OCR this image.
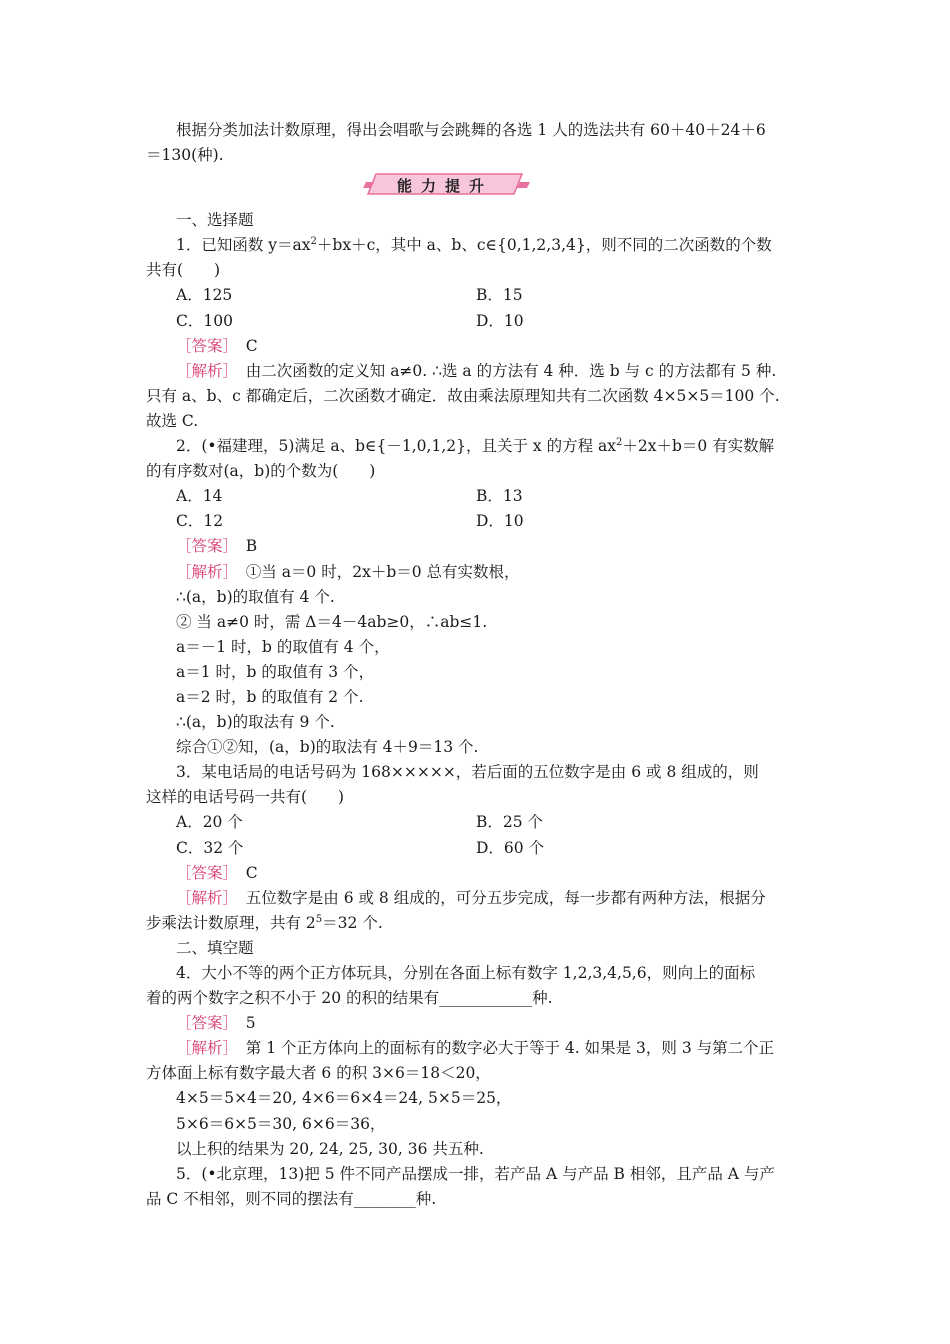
根据分类加法计数原理，得出会唱歌与会跳舞的各选 1 人的选法共有 60＋40＋24＋6
＝130(种).
能力提升
一、选择题
1．已知函数 $y=ax^2+bx+c$，其中 a、b、c∈{0,1,2,3,4}，则不同的二次函数的个数
共有(　　)
A．125	B．15
C．100	D．10
［答案］　 C
［解析］　由二次函数的定义知 a≠0. ∴选 a 的方法有 4 种．选 b 与 c 的方法都有 5 种.
只有 a、b、c 都确定后，二次函数才确定．故由乘法原理知共有二次函数 4×5×5＝100 个.
故选 C.
2．(•福建理，5)满足 a、b∈{－1,0,1,2}，且关于 x 的方程 $ax^2+2x+b=0$ 有实数解
的有序数对(a，b)的个数为(　　)
A．14	B．13
C．12	D．10
［答案］　 B
［解析］　①当 a＝0 时，2x＋b＝0 总有实数根，
∴(a，b)的取值有 4 个.
② 当 a≠0 时，需 Δ＝4－4ab≥0，∴ab≤1.
a＝－1 时，b 的取值有 4 个，
a＝1 时，b 的取值有 3 个，
a＝2 时，b 的取值有 2 个.
∴(a，b)的取法有 9 个.
综合①②知，(a，b)的取法有 4＋9＝13 个.
3．某电话局的电话号码为 168×××××，若后面的五位数字是由 6 或 8 组成的，则
这样的电话号码一共有(　　)
A．20 个	B．25 个
C．32 个	D．60 个
［答案］　 C
［解析］　五位数字是由 6 或 8 组成的，可分五步完成，每一步都有两种方法，根据分
步乘法计数原理，共有 $2^5=32$ 个.
二、填空题
4．大小不等的两个正方体玩具，分别在各面上标有数字 1,2,3,4,5,6，则向上的面标
着的两个数字之积不小于 20 的积的结果有____________种.
［答案］　 5
［解析］　第 1 个正方体向上的面标有的数字必大于等于 4. 如果是 3，则 3 与第二个正
方体面上标有数字最大者 6 的积 3×6＝18＜20，
4×5＝5×4＝20, 4×6＝6×4＝24, 5×5＝25，
5×6＝6×5＝30, 6×6＝36，
以上积的结果为 20, 24, 25, 30, 36 共五种.
5．(•北京理，13)把 5 件不同产品摆成一排，若产品 A 与产品 B 相邻，且产品 A 与产
品 C 不相邻，则不同的摆法有________种.
